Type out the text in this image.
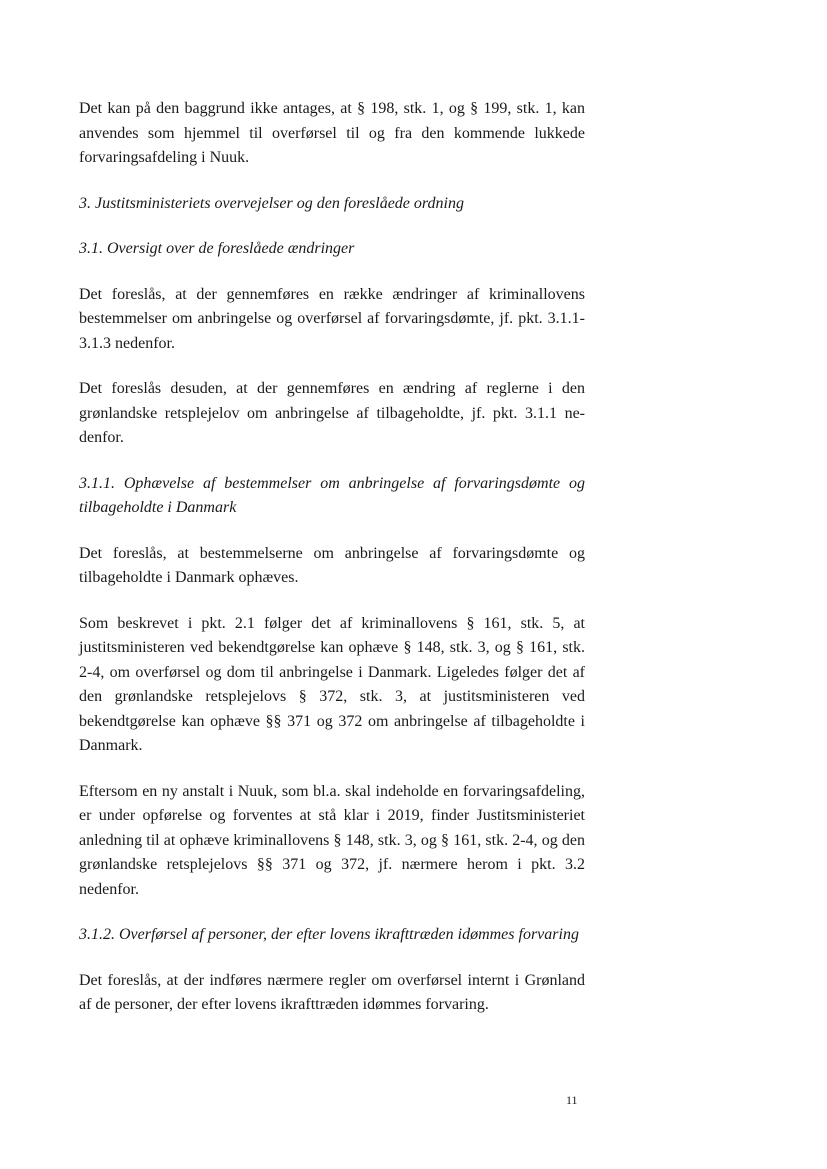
Det kan på den baggrund ikke antages, at § 198, stk. 1, og § 199, stk. 1, kan anvendes som hjemmel til overførsel til og fra den kommende lukkede forvaringsafdeling i Nuuk.

3. Justitsministeriets overvejelser og den foreslåede ordning

3.1. Oversigt over de foreslåede ændringer

Det foreslås, at der gennemføres en række ændringer af kriminallovens bestemmelser om anbringelse og overførsel af forvaringsdømte, jf. pkt. 3.1.1-3.1.3 nedenfor.

Det foreslås desuden, at der gennemføres en ændring af reglerne i den grønlandske retsplejelov om anbringelse af tilbageholdte, jf. pkt. 3.1.1 nedenfor.

3.1.1. Ophævelse af bestemmelser om anbringelse af forvaringsdømte og tilbageholdte i Danmark

Det foreslås, at bestemmelserne om anbringelse af forvaringsdømte og tilbageholdte i Danmark ophæves.

Som beskrevet i pkt. 2.1 følger det af kriminallovens § 161, stk. 5, at justitsministeren ved bekendtgørelse kan ophæve § 148, stk. 3, og § 161, stk. 2-4, om overførsel og dom til anbringelse i Danmark. Ligeledes følger det af den grønlandske retsplejelovs § 372, stk. 3, at justitsministeren ved bekendtgørelse kan ophæve §§ 371 og 372 om anbringelse af tilbageholdte i Danmark.

Eftersom en ny anstalt i Nuuk, som bl.a. skal indeholde en forvaringsafdeling, er under opførelse og forventes at stå klar i 2019, finder Justitsministeriet anledning til at ophæve kriminallovens § 148, stk. 3, og § 161, stk. 2-4, og den grønlandske retsplejelovs §§ 371 og 372, jf. nærmere herom i pkt. 3.2 nedenfor.

3.1.2. Overførsel af personer, der efter lovens ikrafttræden idømmes forvaring

Det foreslås, at der indføres nærmere regler om overførsel internt i Grønland af de personer, der efter lovens ikrafttræden idømmes forvaring.

11
